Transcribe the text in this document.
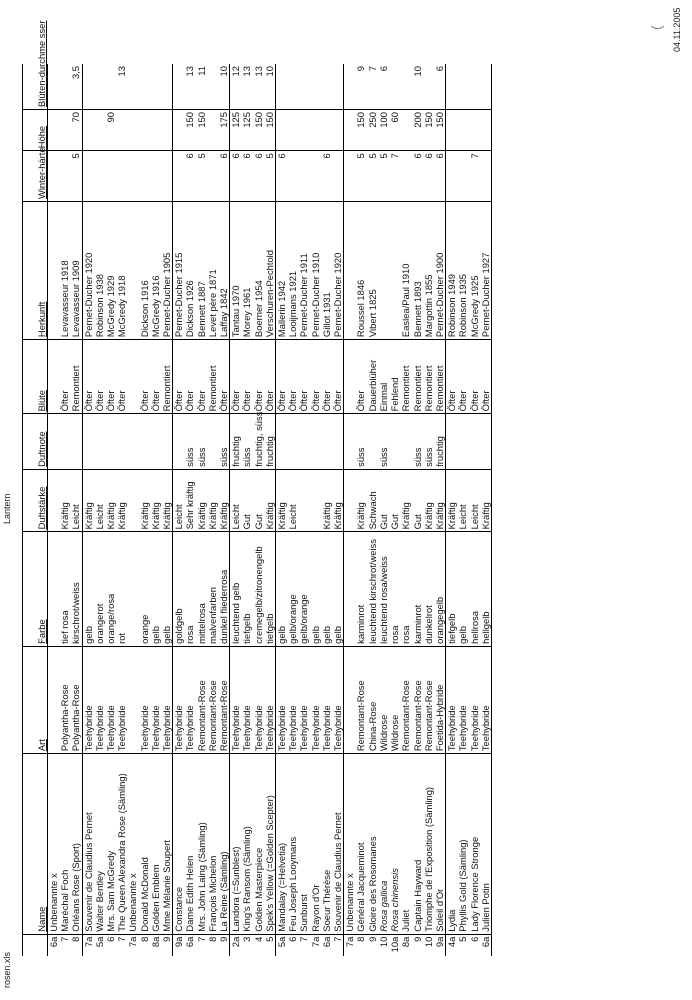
rosen.xls
Lantern
04.11.2005
(
	Name	Art	Farbe	Duftstärke	Duftnote	Blüte	Herkunft	Winter-härte	Höhe	Blüten-durchme sser
6a	Unbenannte x									
7	Maréchal Foch	Polyantha-Rose	tief rosa	Kräftig		Öfter	Levavasseur 1918			
8	Orléans Rose (Sport)	Polyantha-Rose	kirschrot/weiss	Leicht		Remontiert	Levavasseur 1909	5	70	3,5
7a	Souvenir de Claudius Pernet	Teehybride	gelb	Kräftig		Öfter	Pernet-Ducher 1920			
5a	Walter Bentley	Teehybride	orangerot	Leicht		Öfter	Robinson 1938			
6	Mrs. Sam McGredy	Teehybride	orange/rosa	Kräftig		Öfter	McGredy 1929		90	
7	The Queen Alexandra Rose (Sämling)	Teehybride	rot	Kräftig		Öfter	McGredy 1918			13
7a	Unbenannte x									
8	Donald McDonald	Teehybride	orange	Kräftig		Öfter	Dickson 1916			
8a	Golden Emblem	Teehybride	gelb	Kräftig		Öfter	McGredy 1916			
9	Mme Mélanie Soupert	Teehybride	gelb	Kräftig		Remontiert	Pernet-Ducher 1905			
9a	Constance	Teehybride	goldgelb	Leicht		Öfter	Pernet-Ducher 1915			
6a	Dame Edith Helen	Teehybride	rosa	Sehr kräftig	süss	Öfter	Dickson 1926	6	150	13
7	Mrs. John Laing (Sämling)	Remontant-Rose	mittelrosa	Kräftig	süss	Öfter	Bennett 1887	5	150	11
8	François Michelon	Remontant-Rose	malvenfarben	Kräftig		Remontiert	Levet père 1871			
9	La Reine (Sämling)	Remontant-Rose	dunkel fliederrosa	Kräftig	süss	Öfter	Laffay 1842	6	175	10
2a	Landora (=Sunblest)	Teehybride	leuchtend gelb	Leicht	fruchtig	Öfter	Tantau 1970	6	125	12
3	King's Ransom (Sämling)	Teehybride	tiefgelb	Gut	süss	Öfter	Morey 1961	6	125	13
4	Golden Masterpiece	Teehybride	cremegelb/zitronengelb	Gut	fruchtig, süss	Öfter	Boerner 1954	6	150	13
5	Spek's Yellow (=Golden Scepter)	Teehybride	tiefgelb	Kräftig	fruchtig	Öfter	Verschuren-Pechtold	5	150	10
5a	Mandalay (=Helvetia)	Teehybride	gelb	Kräftig		Öfter	Mallerin 1942	6		
6	Feu Joseph Looymans	Teehybride	gelb/orange	Leicht		Öfter	Looijmans 1921			
7	Sunburst	Teehybride	gelb/orange			Öfter	Pernet-Ducher 1911			
7a	Rayon d'Or	Teehybride	gelb			Öfter	Pernet-Ducher 1910			
6a	Soeur Thérèse	Teehybride	gelb	Kräftig		Öfter	Gillot 1931	6		
7	Souvenir de Claudius Pernet	Teehybride	gelb	Kräftig		Öfter	Pernet-Ducher 1920			
7a	Unbenannte x									
8	Général Jacqueminot	Remontant-Rose	karminrot	Kräftig	süss	Öfter	Roussel 1846	5	150	9
9	Gloire des Rosomanes	China-Rose	leuchtend kirschrot/weiss	Schwach		Dauerblüher	Vibert 1825	5	250	7
10	Rosa gallica	Wildrose	leuchtend rosa/weiss	Gut	süss	Einmal		5	100	6
10a	Rosa chinensis	Wildrose	rosa	Gut		Fehlend		7	60	
8a	Juliet	Remontant-Rose	rosa	Kräftig		Remontiert	Easlea/Paul 1910			
9	Captain Hayward	Remontant-Rose	karminrot	Gut	süss	Remontiert	Bennett 1893	6	200	10
10	Triomphe de l'Exposition (Sämling)	Remontant-Rose	dunkelrot	Kräftig	süss	Remontiert	Margottin 1855	6	150	
9a	Soleil d'Or	Foetida-Hybride	orangegelb	Kräftig	fruchtig	Remontiert	Pernet-Ducher 1900	6	150	6
4a	Lydia	Teehybride	tiefgelb	Kräftig		Öfter	Robinson 1949			
5	Phyllis Gold (Sämling)	Teehybride	gelb	Leicht		Öfter	Robinson 1935			
6	Lady Florence Stronge	Teehybride	hellrosa	Leicht		Öfter	McGredy 1925	7		
6a	Julien Potin	Teehybride	hellgelb	Kräftig		Öfter	Pernet-Ducher 1927			
